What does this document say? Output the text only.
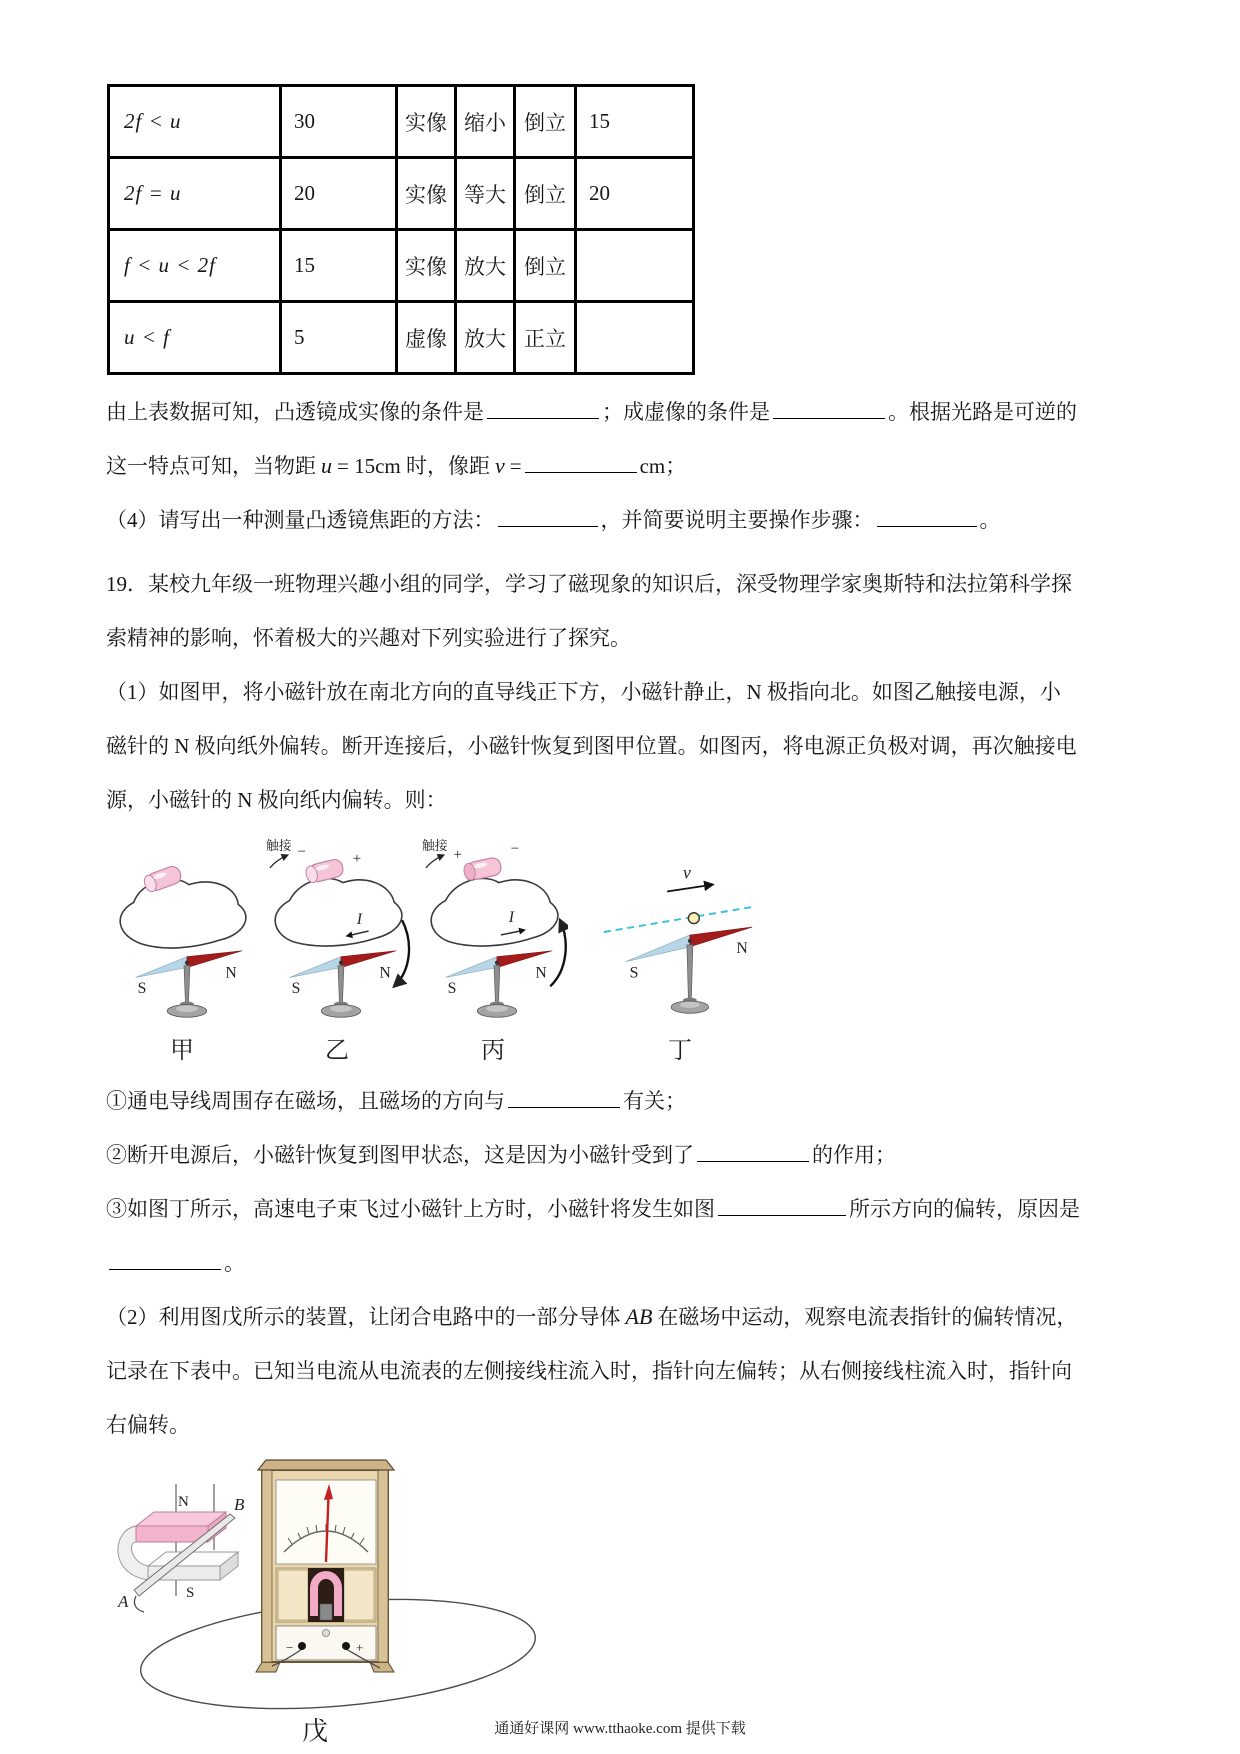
2f < u	30	实像	缩小	倒立	15
2f = u	20	实像	等大	倒立	20
f < u < 2f	15	实像	放大	倒立	
u < f	5	虚像	放大	正立	
由上表数据可知，凸透镜成实像的条件是	；成虚像的条件是	。根据光路是可逆的
这一特点可知，当物距 u = 15cm 时，像距 v =	cm；
（4）请写出一种测量凸透镜焦距的方法：	，并简要说明主要操作步骤：	。
19．某校九年级一班物理兴趣小组的同学，学习了磁现象的知识后，深受物理学家奥斯特和法拉第科学探
索精神的影响，怀着极大的兴趣对下列实验进行了探究。
（1）如图甲，将小磁针放在南北方向的直导线正下方，小磁针静止，N 极指向北。如图乙触接电源，小
磁针的 N 极向纸外偏转。断开连接后，小磁针恢复到图甲位置。如图丙，将电源正负极对调，再次触接电
源，小磁针的 N 极向纸内偏转。则：
S
N
甲
触接 −	+
I
S
N
乙
触接
+	−
I
S
N
丙
v
S
N
丁
①通电导线周围存在磁场，且磁场的方向与	有关；
②断开电源后，小磁针恢复到图甲状态，这是因为小磁针受到了	的作用；
③如图丁所示，高速电子束飞过小磁针上方时，小磁针将发生如图	所示方向的偏转，原因是
。
（2）利用图戊所示的装置，让闭合电路中的一部分导体 AB 在磁场中运动，观察电流表指针的偏转情况，
记录在下表中。已知当电流从电流表的左侧接线柱流入时，指针向左偏转；从右侧接线柱流入时，指针向
右偏转。
N
S
A
B
−	+
戊	通通好课网 www.tthaoke.com 提供下载
